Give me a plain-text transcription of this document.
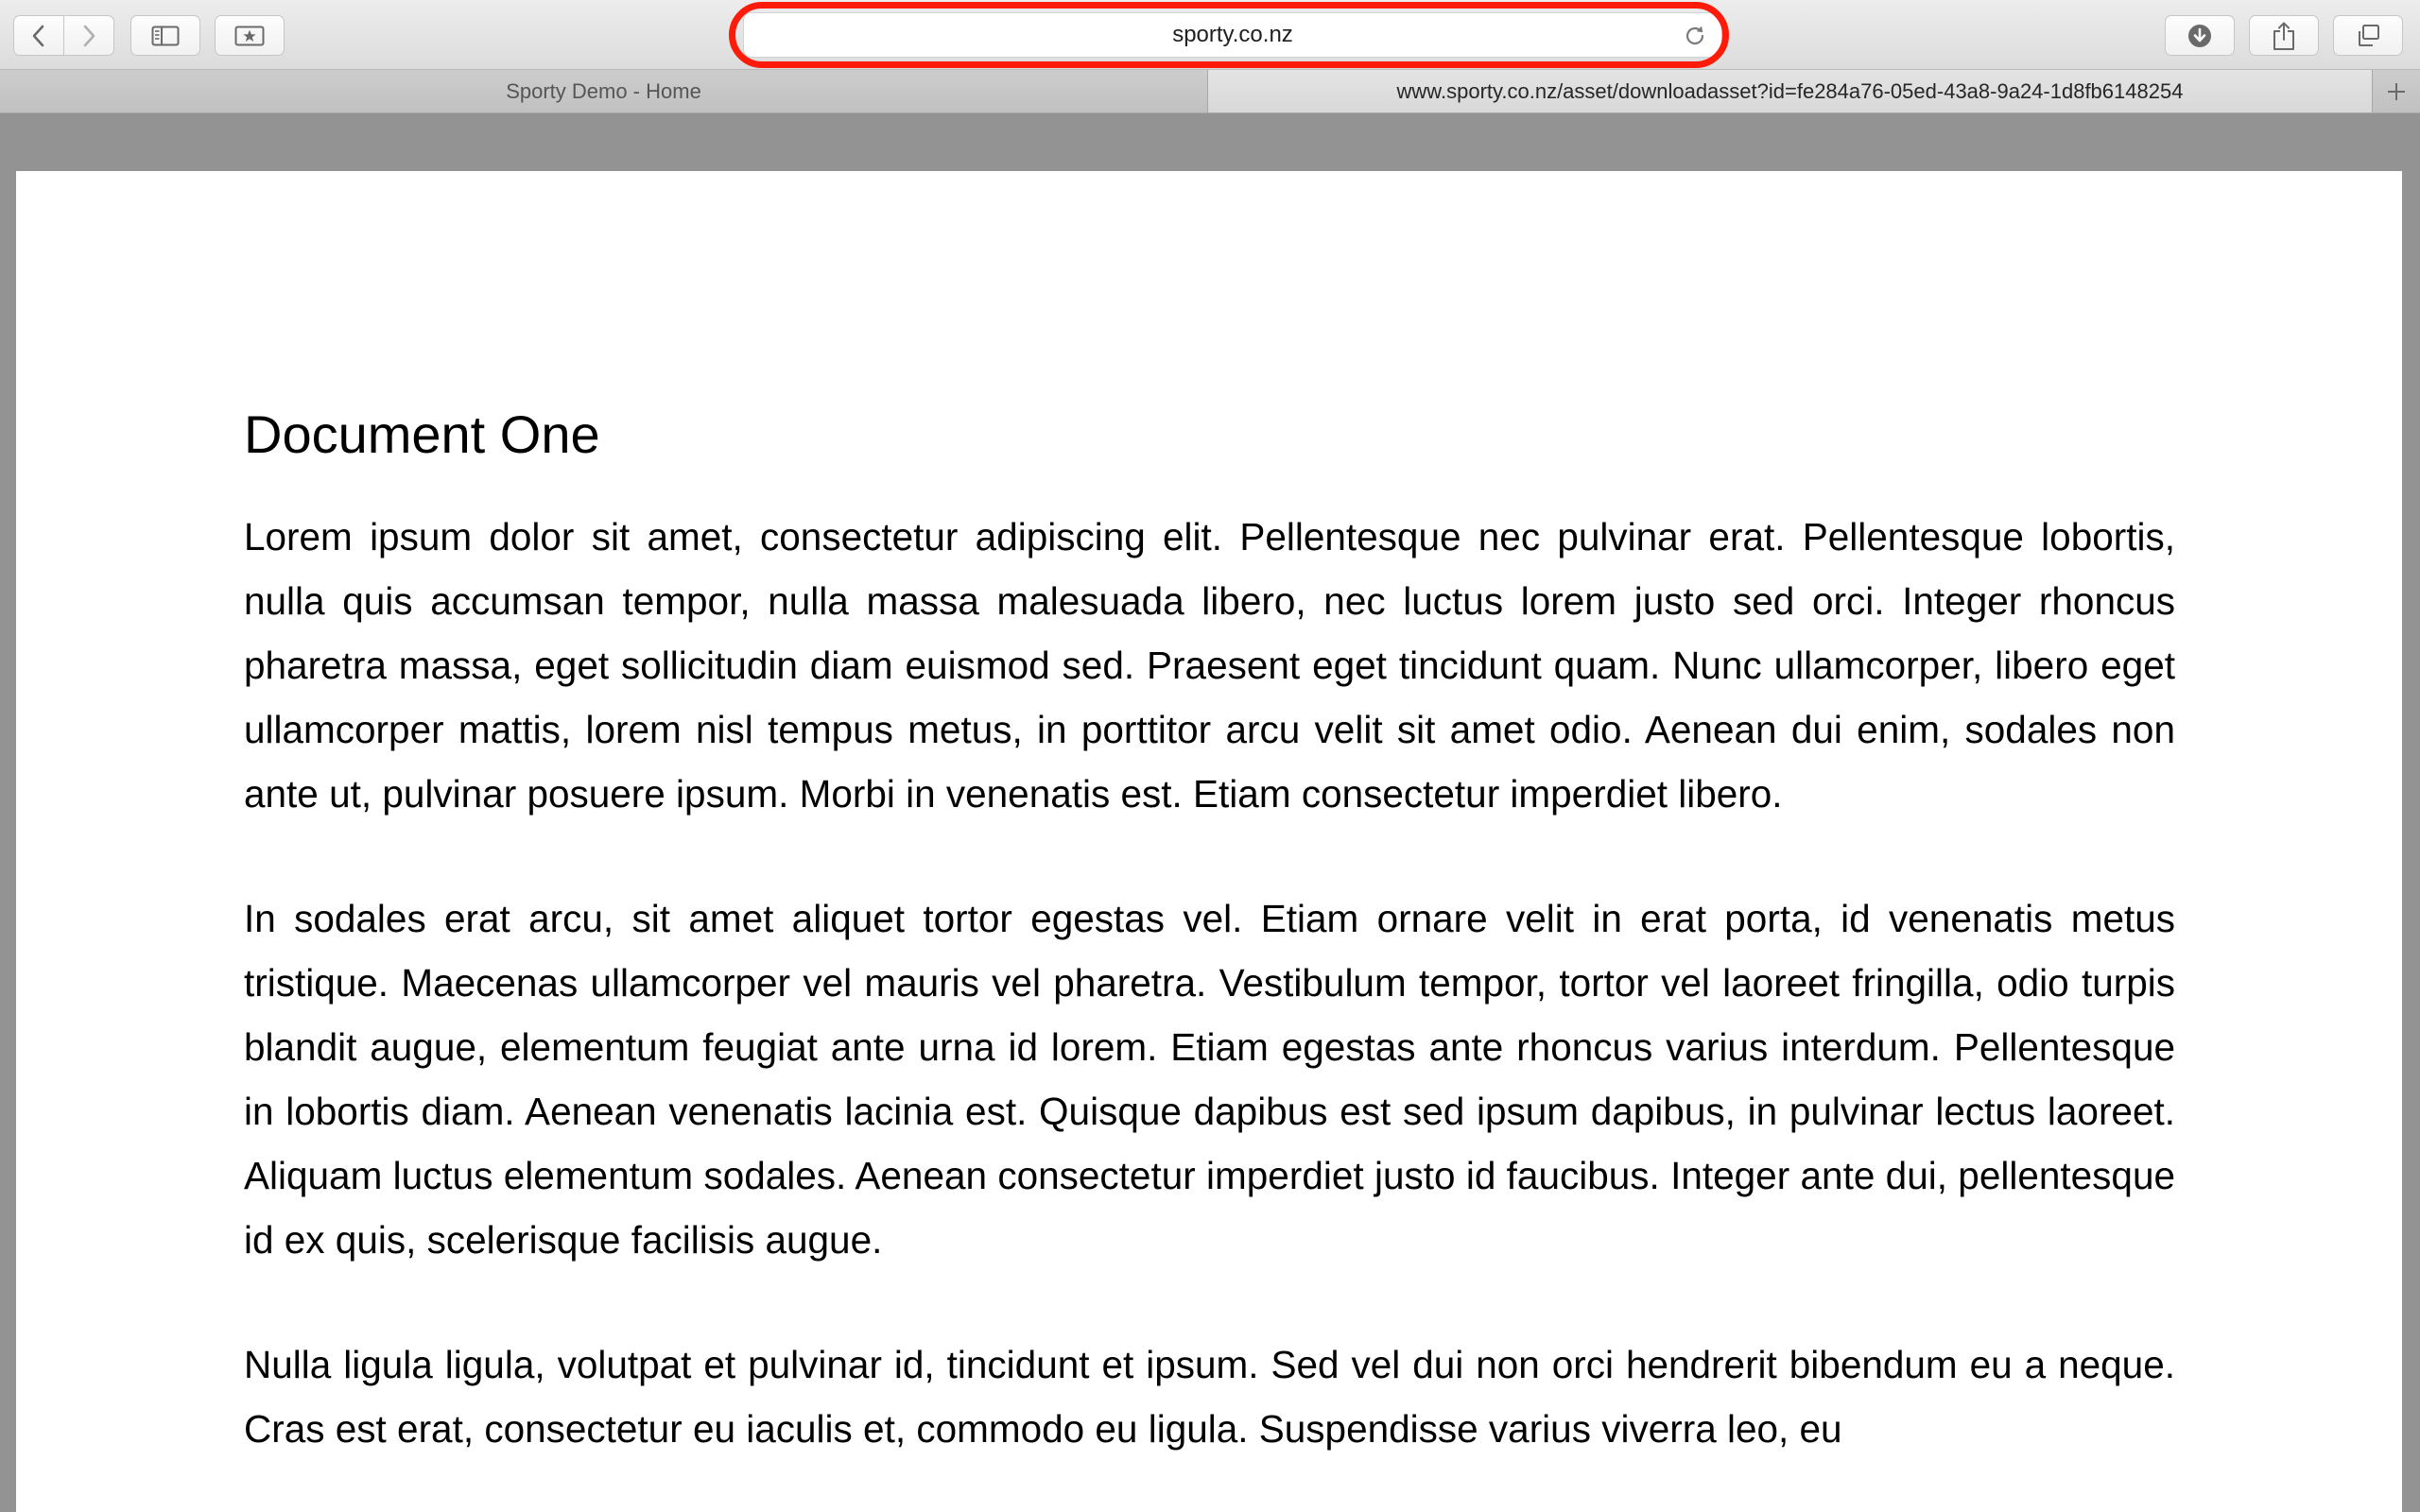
sporty.co.nz
Sporty Demo - Home	www.sporty.co.nz/asset/downloadasset?id=fe284a76-05ed-43a8-9a24-1d8fb6148254
Document One

Lorem ipsum dolor sit amet, consectetur adipiscing elit. Pellentesque nec pulvinar erat. Pellentesque lobortis, nulla quis accumsan tempor, nulla massa malesuada libero, nec luctus lorem justo sed orci. Integer rhoncus pharetra massa, eget sollicitudin diam euismod sed. Praesent eget tincidunt quam. Nunc ullamcorper, libero eget ullamcorper mattis, lorem nisl tempus metus, in porttitor arcu velit sit amet odio. Aenean dui enim, sodales non ante ut, pulvinar posuere ipsum. Morbi in venenatis est. Etiam consectetur imperdiet libero.

In sodales erat arcu, sit amet aliquet tortor egestas vel. Etiam ornare velit in erat porta, id venenatis metus tristique. Maecenas ullamcorper vel mauris vel pharetra. Vestibulum tempor, tortor vel laoreet fringilla, odio turpis blandit augue, elementum feugiat ante urna id lorem. Etiam egestas ante rhoncus varius interdum. Pellentesque in lobortis diam. Aenean venenatis lacinia est. Quisque dapibus est sed ipsum dapibus, in pulvinar lectus laoreet. Aliquam luctus elementum sodales. Aenean consectetur imperdiet justo id faucibus. Integer ante dui, pellentesque id ex quis, scelerisque facilisis augue.

Nulla ligula ligula, volutpat et pulvinar id, tincidunt et ipsum. Sed vel dui non orci hendrerit bibendum eu a neque. Cras est erat, consectetur eu iaculis et, commodo eu ligula. Suspendisse varius viverra leo, eu
